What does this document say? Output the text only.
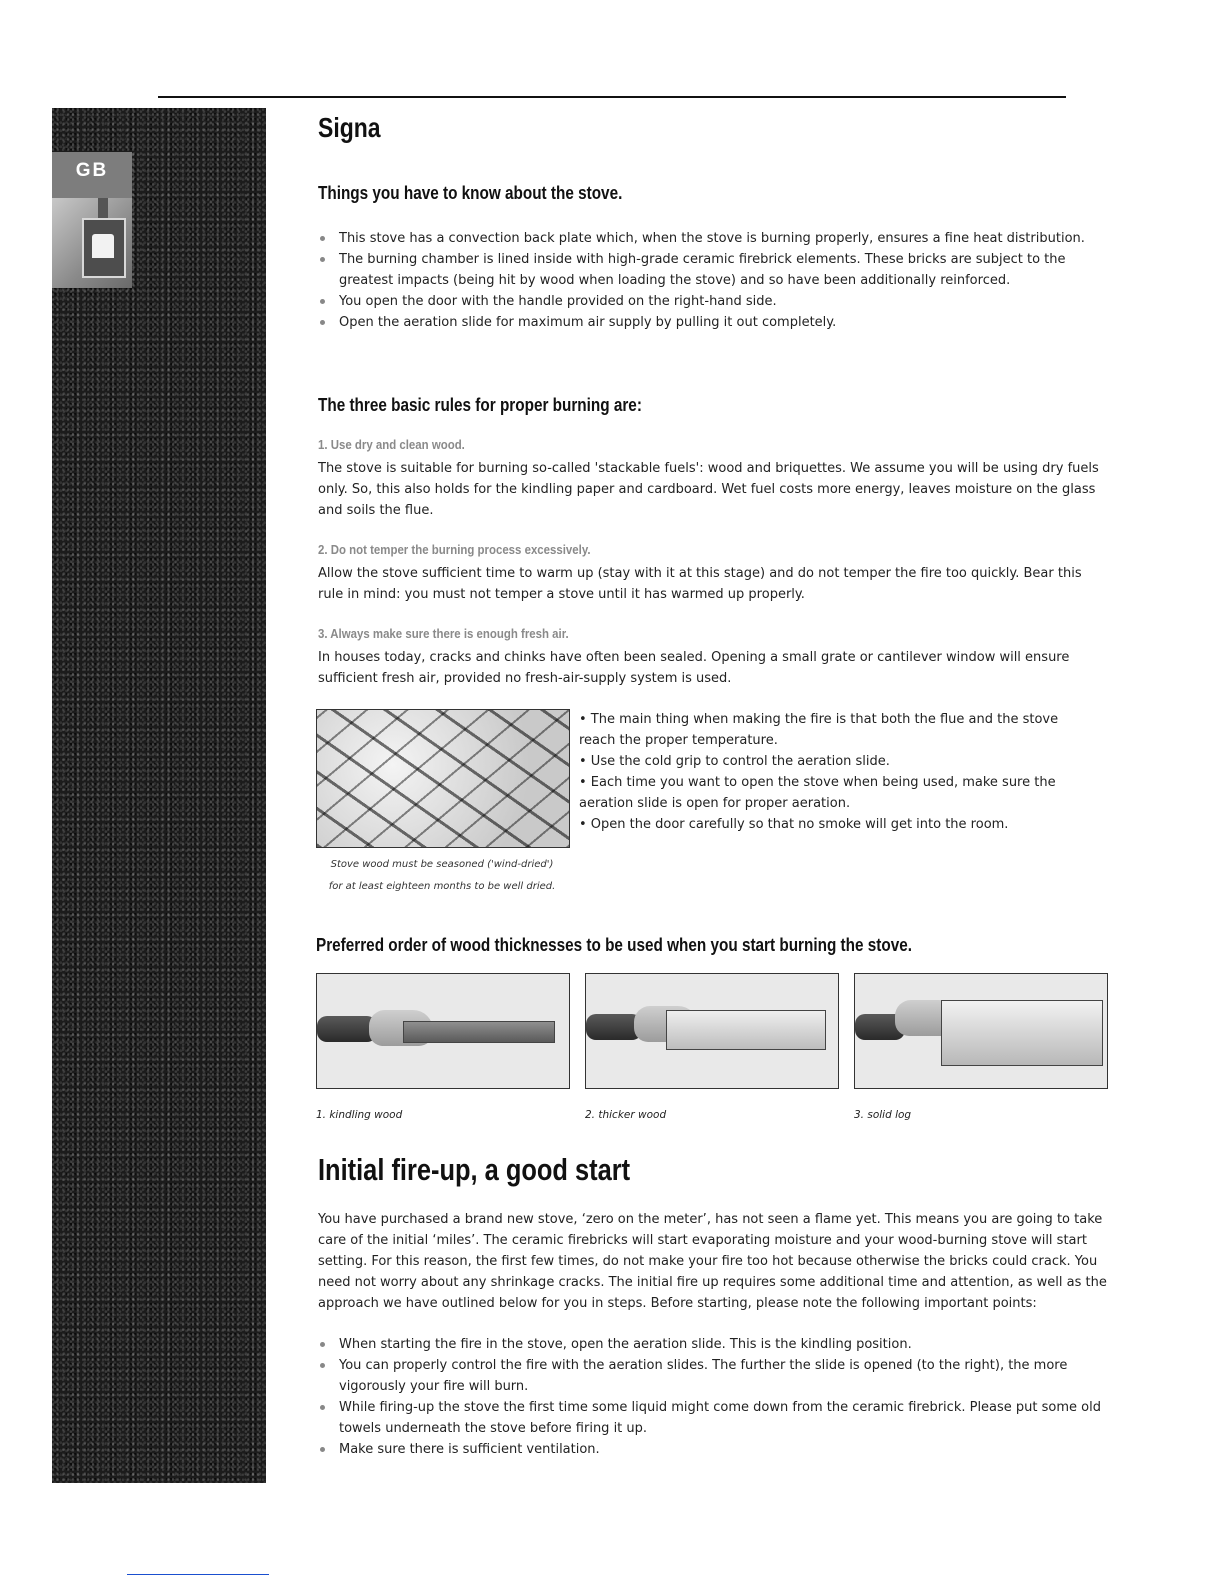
GB
Signa
Things you have to know about the stove.
This stove has a convection back plate which, when the stove is burning properly, ensures a fine heat distribution.
The burning chamber is lined inside with high-grade ceramic firebrick elements. These bricks are subject to the greatest impacts (being hit by wood when loading the stove) and so have been additionally reinforced.
You open the door with the handle provided on the right-hand side.
Open the aeration slide for maximum air supply by pulling it out completely.
The three basic rules for proper burning are:
1. Use dry and clean wood.

The stove is suitable for burning so-called 'stackable fuels': wood and briquettes. We assume you will be using dry fuels only. So, this also holds for the kindling paper and cardboard. Wet fuel costs more energy, leaves moisture on the glass and soils the flue.

2. Do not temper the burning process excessively.

Allow the stove sufficient time to warm up (stay with it at this stage) and do not temper the fire too quickly. Bear this rule in mind: you must not temper a stove until it has warmed up properly.

3. Always make sure there is enough fresh air.

In houses today, cracks and chinks have often been sealed. Opening a small grate or cantilever window will ensure sufficient fresh air, provided no fresh-air-supply system is used.

Stove wood must be seasoned ('wind-dried')
for at least eighteen months to be well dried.

• The main thing when making the fire is that both the flue and the stove reach the proper temperature.

• Use the cold grip to control the aeration slide.

• Each time you want to open the stove when being used, make sure the aeration slide is open for proper aeration.

• Open the door carefully so that no smoke will get into the room.

Preferred order of wood thicknesses to be used when you start burning the stove.
1. kindling wood	2. thicker wood	3. solid log
Initial fire-up, a good start

You have purchased a brand new stove, ‘zero on the meter’, has not seen a flame yet. This means you are going to take care of the initial ‘miles’. The ceramic firebricks will start evaporating moisture and your wood-burning stove will start setting. For this reason, the first few times, do not make your fire too hot because otherwise the bricks could crack. You need not worry about any shrinkage cracks. The initial fire up requires some additional time and attention, as well as the approach we have outlined below for you in steps. Before starting, please note the following important points:

When starting the fire in the stove, open the aeration slide. This is the kindling position.
You can properly control the fire with the aeration slides. The further the slide is opened (to the right), the more vigorously your fire will burn.
While firing-up the stove the first time some liquid might come down from the ceramic firebrick. Please put some old towels underneath the stove before firing it up.
Make sure there is sufficient ventilation.
